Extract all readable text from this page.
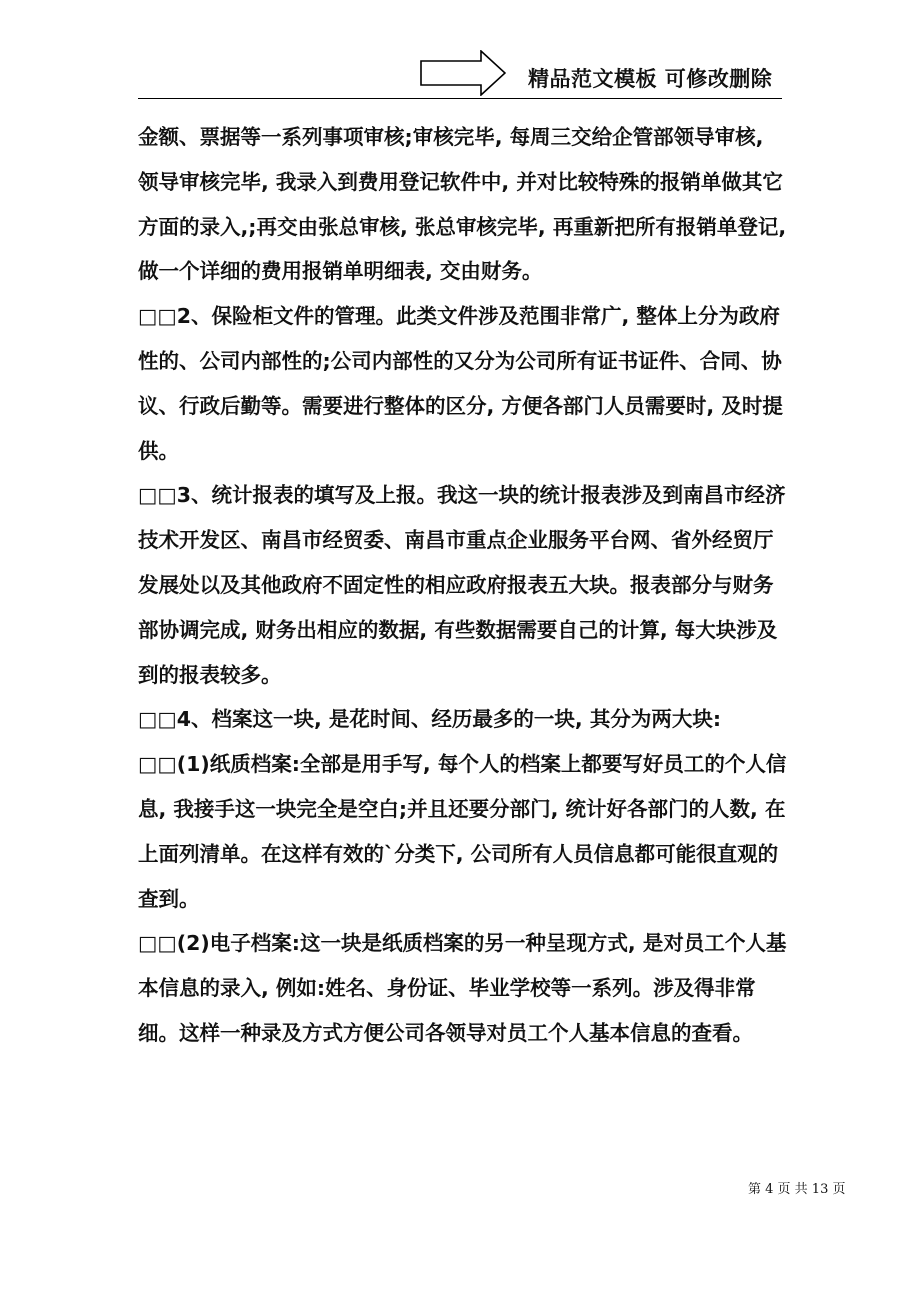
精品范文模板 可修改删除

金额、票据等一系列事项审核;审核完毕, 每周三交给企管部领导审核, 领导审核完毕, 我录入到费用登记软件中, 并对比较特殊的报销单做其它方面的录入,;再交由张总审核, 张总审核完毕, 再重新把所有报销单登记, 做一个详细的费用报销单明细表, 交由财务。

□□2、保险柜文件的管理。此类文件涉及范围非常广, 整体上分为政府性的、公司内部性的;公司内部性的又分为公司所有证书证件、合同、协议、行政后勤等。需要进行整体的区分, 方便各部门人员需要时, 及时提供。

□□3、统计报表的填写及上报。我这一块的统计报表涉及到南昌市经济技术开发区、南昌市经贸委、南昌市重点企业服务平台网、省外经贸厅发展处以及其他政府不固定性的相应政府报表五大块。报表部分与财务部协调完成, 财务出相应的数据, 有些数据需要自己的计算, 每大块涉及到的报表较多。

□□4、档案这一块, 是花时间、经历最多的一块, 其分为两大块:

□□(1)纸质档案:全部是用手写, 每个人的档案上都要写好员工的个人信息, 我接手这一块完全是空白;并且还要分部门, 统计好各部门的人数, 在上面列清单。在这样有效的`分类下, 公司所有人员信息都可能很直观的查到。

□□(2)电子档案:这一块是纸质档案的另一种呈现方式, 是对员工个人基本信息的录入, 例如:姓名、身份证、毕业学校等一系列。涉及得非常细。这样一种录及方式方便公司各领导对员工个人基本信息的查看。

第 4 页 共 13 页
